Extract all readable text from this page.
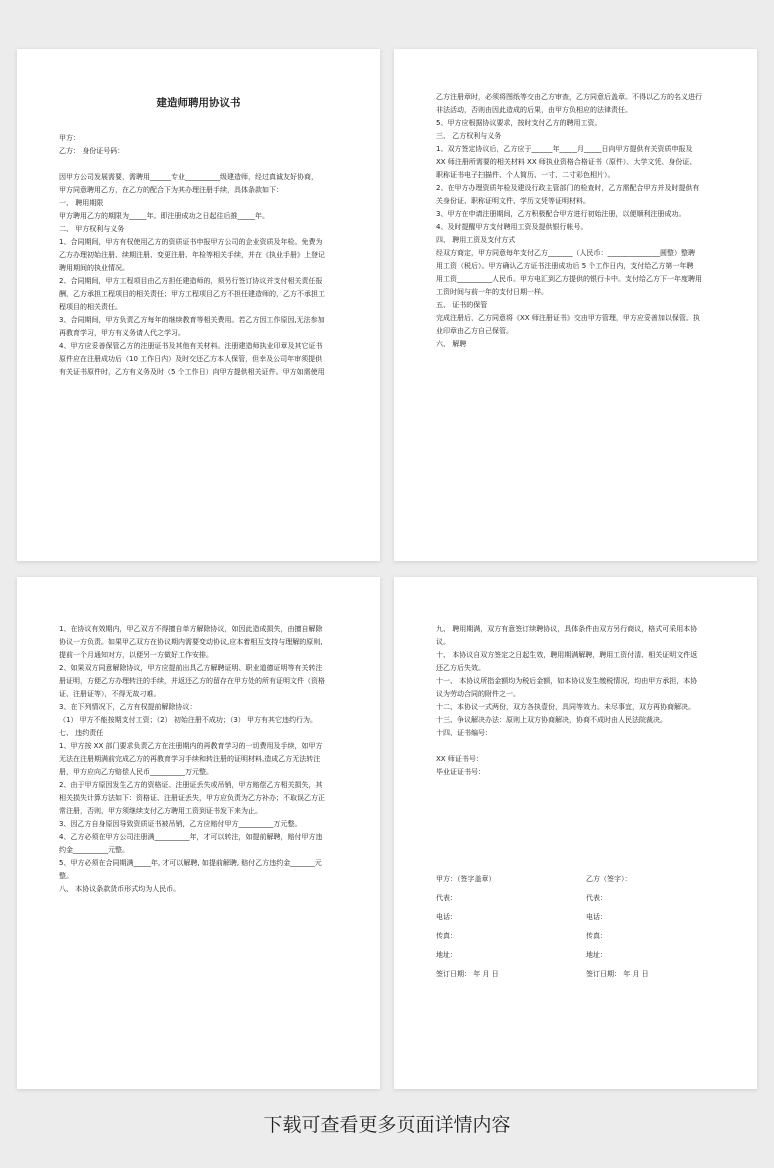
建造师聘用协议书
甲方：
乙方： 身份证号码：
因甲方公司发展需要，需聘用______专业__________级建造师，经过真诚友好协商，
甲方同意聘用乙方，在乙方的配合下为其办理注册手续，具体条款如下：
一、 聘用期限
甲方聘用乙方的期限为_____年。即注册成功之日起往后推_____年。
二、 甲方权利与义务
1、合同期间，甲方有权使用乙方的资质证书申报甲方公司的企业资质及年检。免费为
乙方办理初始注册、续期注册、变更注册、年检等相关手续，并在《执业手册》上登记
聘用期间的执业情况。
2、合同期间，甲方工程项目由乙方担任建造师的，须另行签订协议并支付相关责任报
酬，乙方承担工程项目的相关责任；甲方工程项目乙方不担任建造师的，乙方不承担工
程项目的相关责任。
3、合同期间，甲方负责乙方每年的继续教育等相关费用。若乙方因工作原因,无法参加
再教育学习，甲方有义务请人代之学习。
4、甲方应妥善保管乙方的注册证书及其他有关材料。注册建造师执业印章及其它证书
原件应在注册成功后（10 工作日内）及时交还乙方本人保管，但幸及公司年审须提供
有关证书原件时，乙方有义务及时（5 个工作日）向甲方提供相关证件。甲方如需使用
乙方注册章时，必须将图纸等交由乙方审查，乙方同意后盖章。不得以乙方的名义进行
非法活动，否则由因此造成的后果，由甲方负相应的法律责任。
5、甲方应根据协议要求，按时支付乙方的聘用工资。
三、 乙方权利与义务
1、双方签定协议后，乙方应于______年_____月_____日向甲方提供有关资质申报及
XX 师注册所需要的相关材料 XX 师执业资格合格证书（原件）、大学文凭、身份证、
职称证书电子扫描件、个人简历、一寸、二寸彩色相片）。
2、在甲方办理资质年检及建设行政主管部门的检查时，乙方需配合甲方并及时提供有
关身份证、职称证明文件、学历文凭等证明材料。
3、甲方在申请注册期间，乙方积极配合甲方进行初始注册，以便顺利注册成功。
4、及时提醒甲方支付聘用工资及提供银行帐号。
四、 聘用工资及支付方式
经双方商定，甲方同意每年支付乙方_______（人民币：_______________圆整）整聘
用工资（税后）。甲方确认乙方证书注册成功后 5 个工作日内，支付给乙方第一年聘
用工资__________人民币。甲方电汇到乙方提供的银行卡中。支付给乙方下一年度聘用
工资时间与前一年的支付日期一样。
五、 证书的保管
完成注册后，乙方同意将《XX 师注册证书》交由甲方管理，甲方应妥善加以保管。执
业印章由乙方自己保管。
六、 解聘
1、在协议有效期内，甲乙双方不得擅自单方解除协议，如因此造成损失，由擅自解除
协议一方负责。如果甲乙双方在协议期内需要变动协议,应本着相互支持与理解的原则,
提前一个月通知对方，以便另一方做好工作安排。
2、如果双方同意解除协议，甲方应提前出具乙方解聘证明、职业道德证明等有关转注
册证明，方便乙方办理转注的手续，并返还乙方的留存在甲方处的所有证明文件（资格
证、注册证等），不得无故刁难。
3、在下列情况下，乙方有权提前解除协议：
（1） 甲方不能按期支付工资；（2） 初始注册不成功；（3） 甲方有其它违约行为。
七、 违约责任
1、甲方按 XX 部门要求负责乙方在注册期内的再教育学习的一切费用及手续，如甲方
无法在注册期满前完成乙方的再教育学习手续和转注册的证明材料,造成乙方无法转注
册，甲方应向乙方赔偿人民币__________万元整。
2、由于甲方原因发生乙方的资格证、注册证丢失或吊销，甲方赔偿乙方相关损失，其
相关损失计算方法如下：资格证、注册证丢失，甲方应负责为乙方补办；不取误乙方正
常注册，否则，甲方须继续支付乙方聘用工资到证书发下来为止。
3、因乙方自身原因导致资质证书被吊销，乙方应赔付甲方__________万元整。
4、乙方必须在甲方公司注册满__________年，才可以转注，如提前解聘，赔付甲方违
约金__________元整。
5、甲方必须在合同期满_____年, 才可以解聘, 如提前解聘, 赔付乙方违约金_______元
整。
八、 本协议条款货币形式均为人民币。
九、 聘用期满，双方有意签订续聘协议，具体条件由双方另行商议，格式可采用本协
议。
十、 本协议自双方签定之日起生效，聘用期满解聘，聘用工资付清、相关证明文件返
还乙方后失效。
十一、 本协议所指金额均为税后金额，如本协议发生缴税情况，均由甲方承担，本协
议为劳动合同的附件之一。
十二、本协议一式两份，双方各执壹份，具同等效力。未尽事宜，双方再协商解决。
十三、争议解决办法：原则上双方协商解决，协商不成时由人民法院裁决。
十四、证书编号：
XX 师证书号：
毕业证证书号：
甲方：（签字盖章）
代表：
电话：
传真：
地址：
签订日期： 年 月 日
乙方（签字）：
代表：
电话：
传真：
地址：
签订日期： 年 月 日
下载可查看更多页面详情内容
